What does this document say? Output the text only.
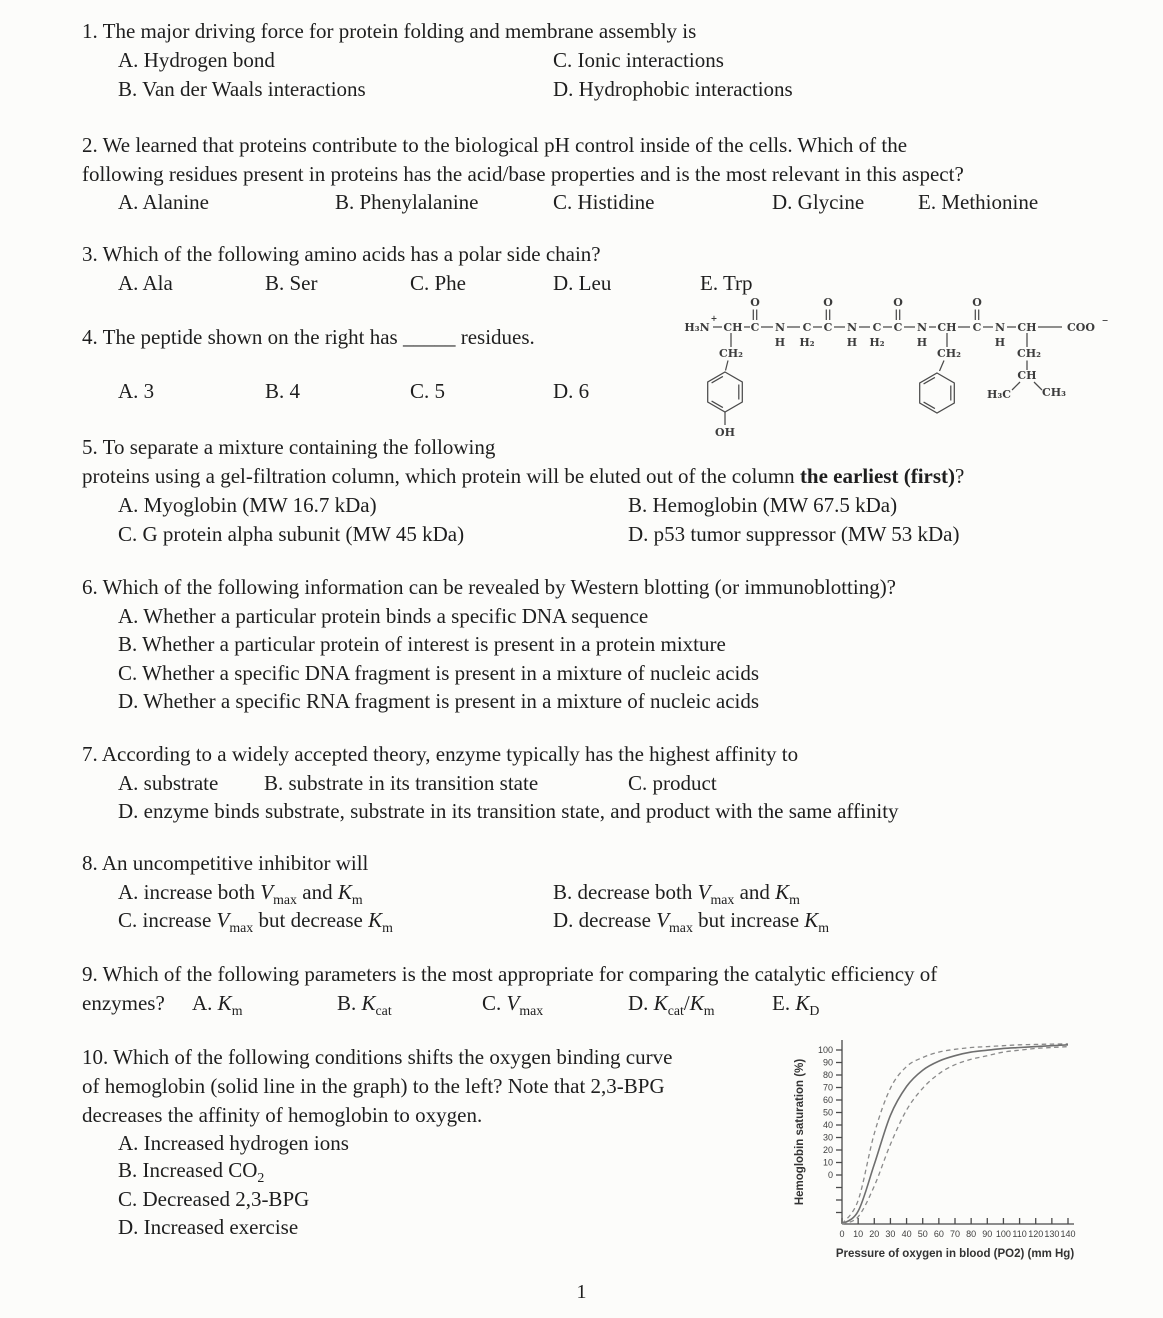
1. The major driving force for protein folding and membrane assembly is
A. Hydrogen bond	C. Ionic interactions
B. Van der Waals interactions	D. Hydrophobic interactions
2. We learned that proteins contribute to the biological pH control inside of the cells. Which of the
following residues present in proteins has the acid/base properties and is the most relevant in this aspect?
A. Alanine	B. Phenylalanine	C. Histidine	D. Glycine	E. Methionine
3. Which of the following amino acids has a polar side chain?
A. Ala	B. Ser	C. Phe	D. Leu	E. Trp
4. The peptide shown on the right has _____ residues.
A. 3	B. 4	C. 5	D. 6
H₃N
+
CH C N C C N C C N CH C N CH	COO
−
O	O	O	O
H H₂	H H₂	H	H
CH₂
OH
CH₂	CH₂
CH
H₃C	CH₃
5. To separate a mixture containing the following
proteins using a gel-filtration column, which protein will be eluted out of the column the earliest (first)?
A. Myoglobin (MW 16.7 kDa)	B. Hemoglobin (MW 67.5 kDa)
C. G protein alpha subunit (MW 45 kDa)	D. p53 tumor suppressor (MW 53 kDa)
6. Which of the following information can be revealed by Western blotting (or immunoblotting)?
A. Whether a particular protein binds a specific DNA sequence
B. Whether a particular protein of interest is present in a protein mixture
C. Whether a specific DNA fragment is present in a mixture of nucleic acids
D. Whether a specific RNA fragment is present in a mixture of nucleic acids
7. According to a widely accepted theory, enzyme typically has the highest affinity to
A. substrate B. substrate in its transition state	C. product
D. enzyme binds substrate, substrate in its transition state, and product with the same affinity
8. An uncompetitive inhibitor will
A. increase both $V_{max}$ and $K_m$	B. decrease both $V_{max}$ and $K_m$
C. increase $V_{max}$ but decrease $K_m$	D. decrease $V_{max}$ but increase $K_m$
9. Which of the following parameters is the most appropriate for comparing the catalytic efficiency of
enzymes? A. $K_m$	B. $K_{cat}$	C. $V_{max}$	D. $K_{cat}/K_m$	E. $K_D$
10. Which of the following conditions shifts the oxygen binding curve
of hemoglobin (solid line in the graph) to the left? Note that 2,3-BPG
decreases the affinity of hemoglobin to oxygen.
A. Increased hydrogen ions
B. Increased $CO_2$
C. Decreased 2,3-BPG
D. Increased exercise
0
10
20
30
40
50
60
70
80
90
100
0 10 20 30 40 50 60 70 80 90 100 110 120 130 140
Pressure of oxygen in blood (PO2) (mm Hg)
Hemoglobin saturation (%)
1
